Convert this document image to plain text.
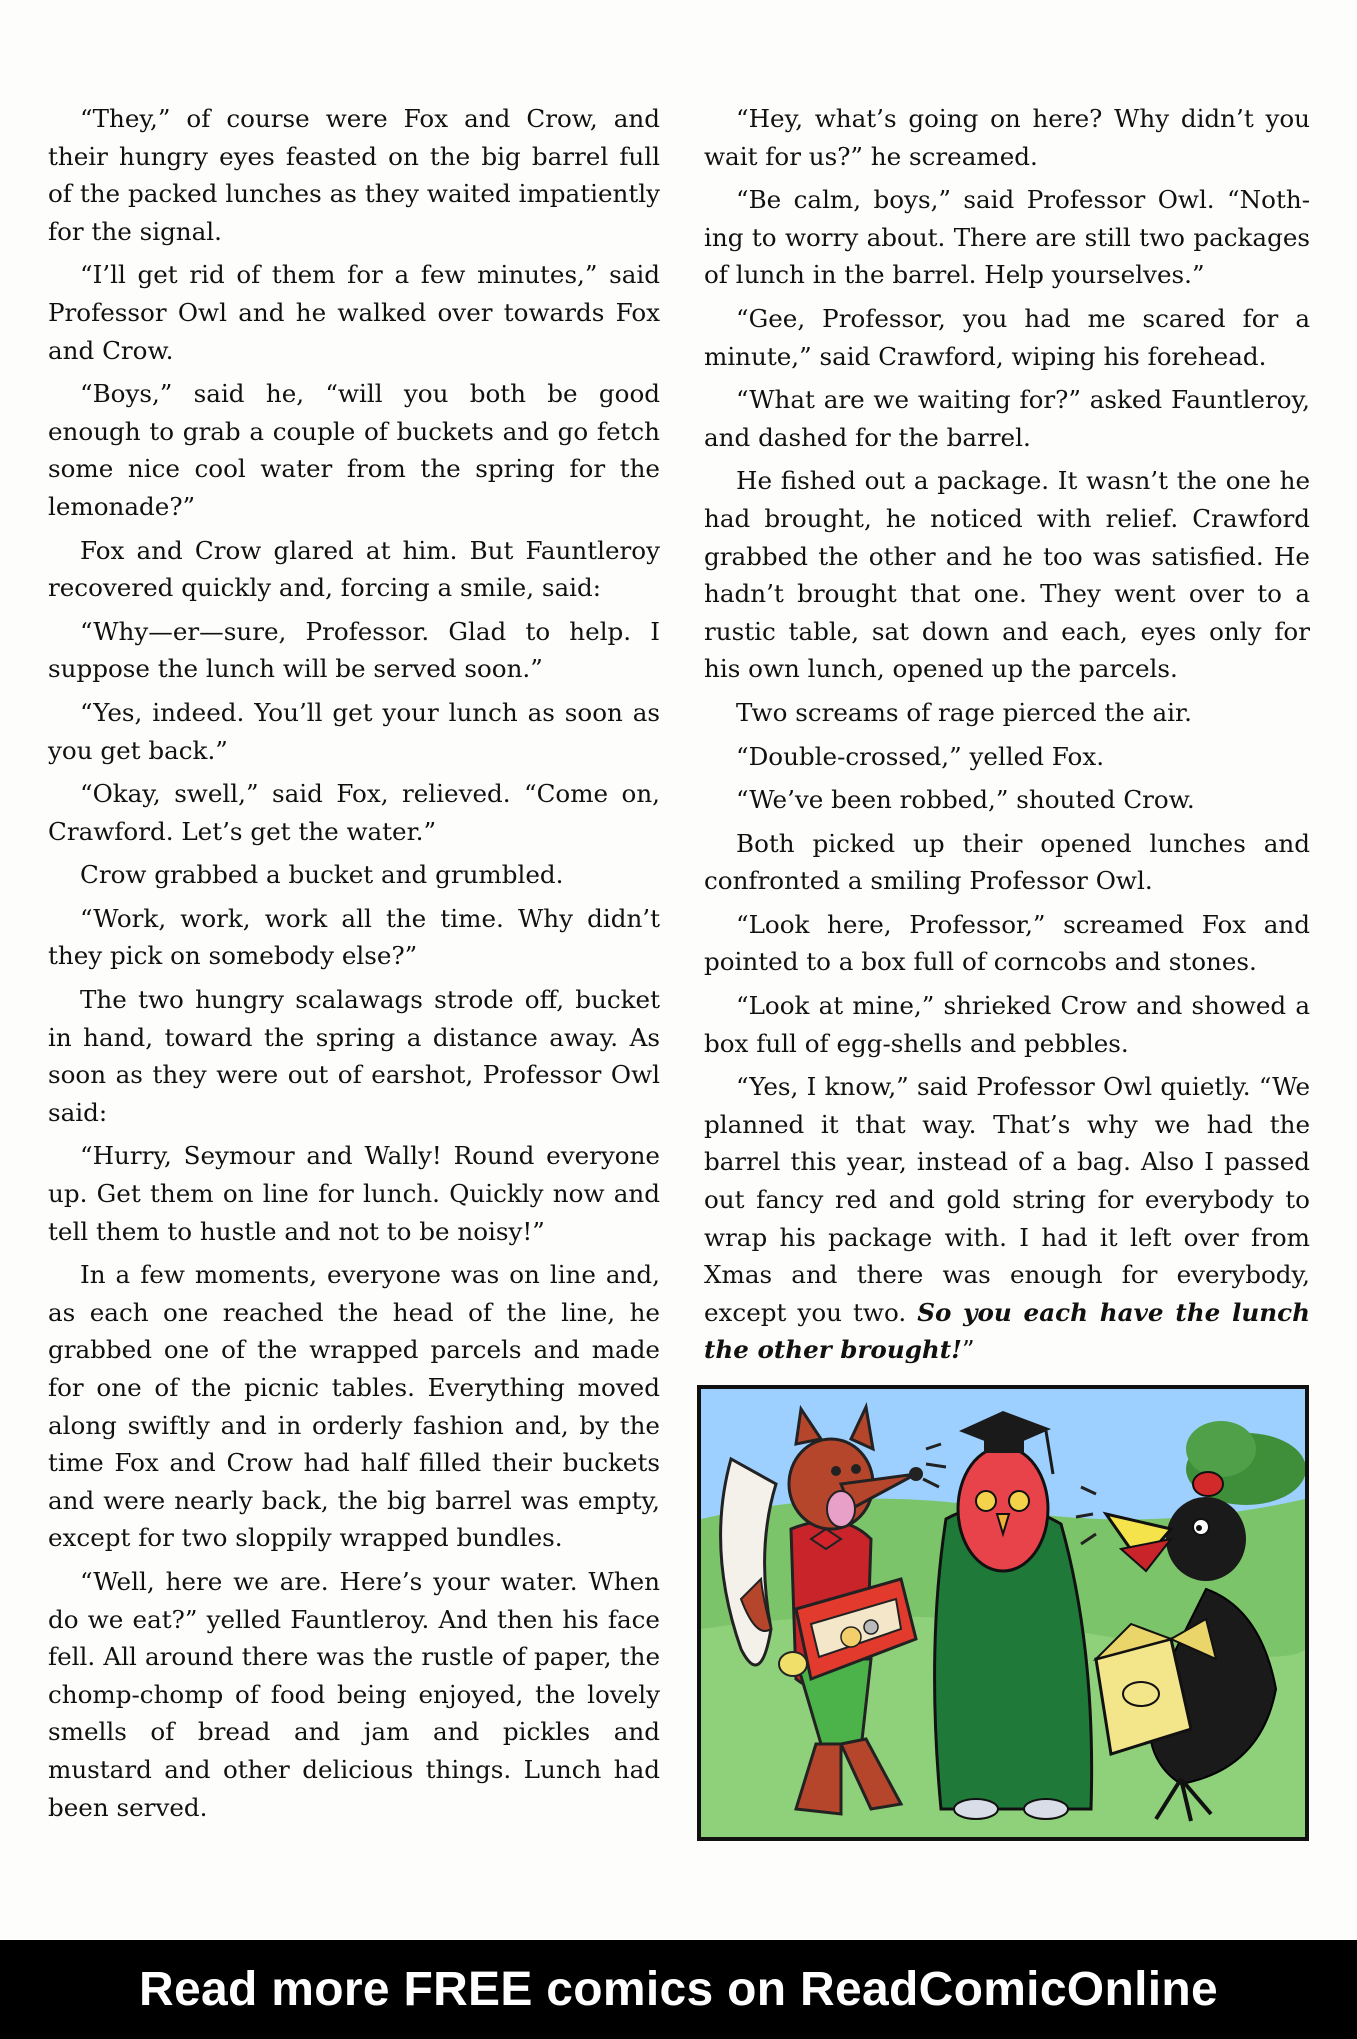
“They,” of course were Fox and Crow, and their hungry eyes feasted on the big barrel full of the packed lunches as they waited impatiently for the signal.

“I’ll get rid of them for a few minutes,” said Professor Owl and he walked over towards Fox and Crow.

“Boys,” said he, “will you both be good enough to grab a couple of buckets and go fetch some nice cool water from the spring for the lemonade?”

Fox and Crow glared at him. But Fauntleroy recovered quickly and, forcing a smile, said:

“Why—er—sure, Professor. Glad to help. I suppose the lunch will be served soon.”

“Yes, indeed. You’ll get your lunch as soon as you get back.”

“Okay, swell,” said Fox, relieved. “Come on, Crawford. Let’s get the water.”

Crow grabbed a bucket and grumbled.

“Work, work, work all the time. Why didn’t they pick on somebody else?”

The two hungry scalawags strode off, bucket in hand, toward the spring a distance away. As soon as they were out of earshot, Professor Owl said:

“Hurry, Seymour and Wally! Round everyone up. Get them on line for lunch. Quickly now and tell them to hustle and not to be noisy!”

In a few moments, everyone was on line and, as each one reached the head of the line, he grabbed one of the wrapped parcels and made for one of the picnic tables. Everything moved along swiftly and in orderly fashion and, by the time Fox and Crow had half filled their buckets and were nearly back, the big barrel was empty, except for two sloppily wrapped bundles.

“Well, here we are. Here’s your water. When do we eat?” yelled Fauntleroy. And then his face fell. All around there was the rustle of paper, the chomp-chomp of food being enjoyed, the lovely smells of bread and jam and pickles and mustard and other delicious things. Lunch had been served.

“Hey, what’s going on here? Why didn’t you wait for us?” he screamed.

“Be calm, boys,” said Professor Owl. “Nothing to worry about. There are still two packages of lunch in the barrel. Help yourselves.”

“Gee, Professor, you had me scared for a minute,” said Crawford, wiping his forehead.

“What are we waiting for?” asked Fauntleroy, and dashed for the barrel.

He fished out a package. It wasn’t the one he had brought, he noticed with relief. Crawford grabbed the other and he too was satisfied. He hadn’t brought that one. They went over to a rustic table, sat down and each, eyes only for his own lunch, opened up the parcels.

Two screams of rage pierced the air.

“Double-crossed,” yelled Fox.

“We’ve been robbed,” shouted Crow.

Both picked up their opened lunches and confronted a smiling Professor Owl.

“Look here, Professor,” screamed Fox and pointed to a box full of corncobs and stones.

“Look at mine,” shrieked Crow and showed a box full of egg-shells and pebbles.

“Yes, I know,” said Professor Owl quietly. “We planned it that way. That’s why we had the barrel this year, instead of a bag. Also I passed out fancy red and gold string for everybody to wrap his package with. I had it left over from Xmas and there was enough for everybody, except you two. So you each have the lunch the other brought!”

Read more FREE comics on ReadComicOnline
